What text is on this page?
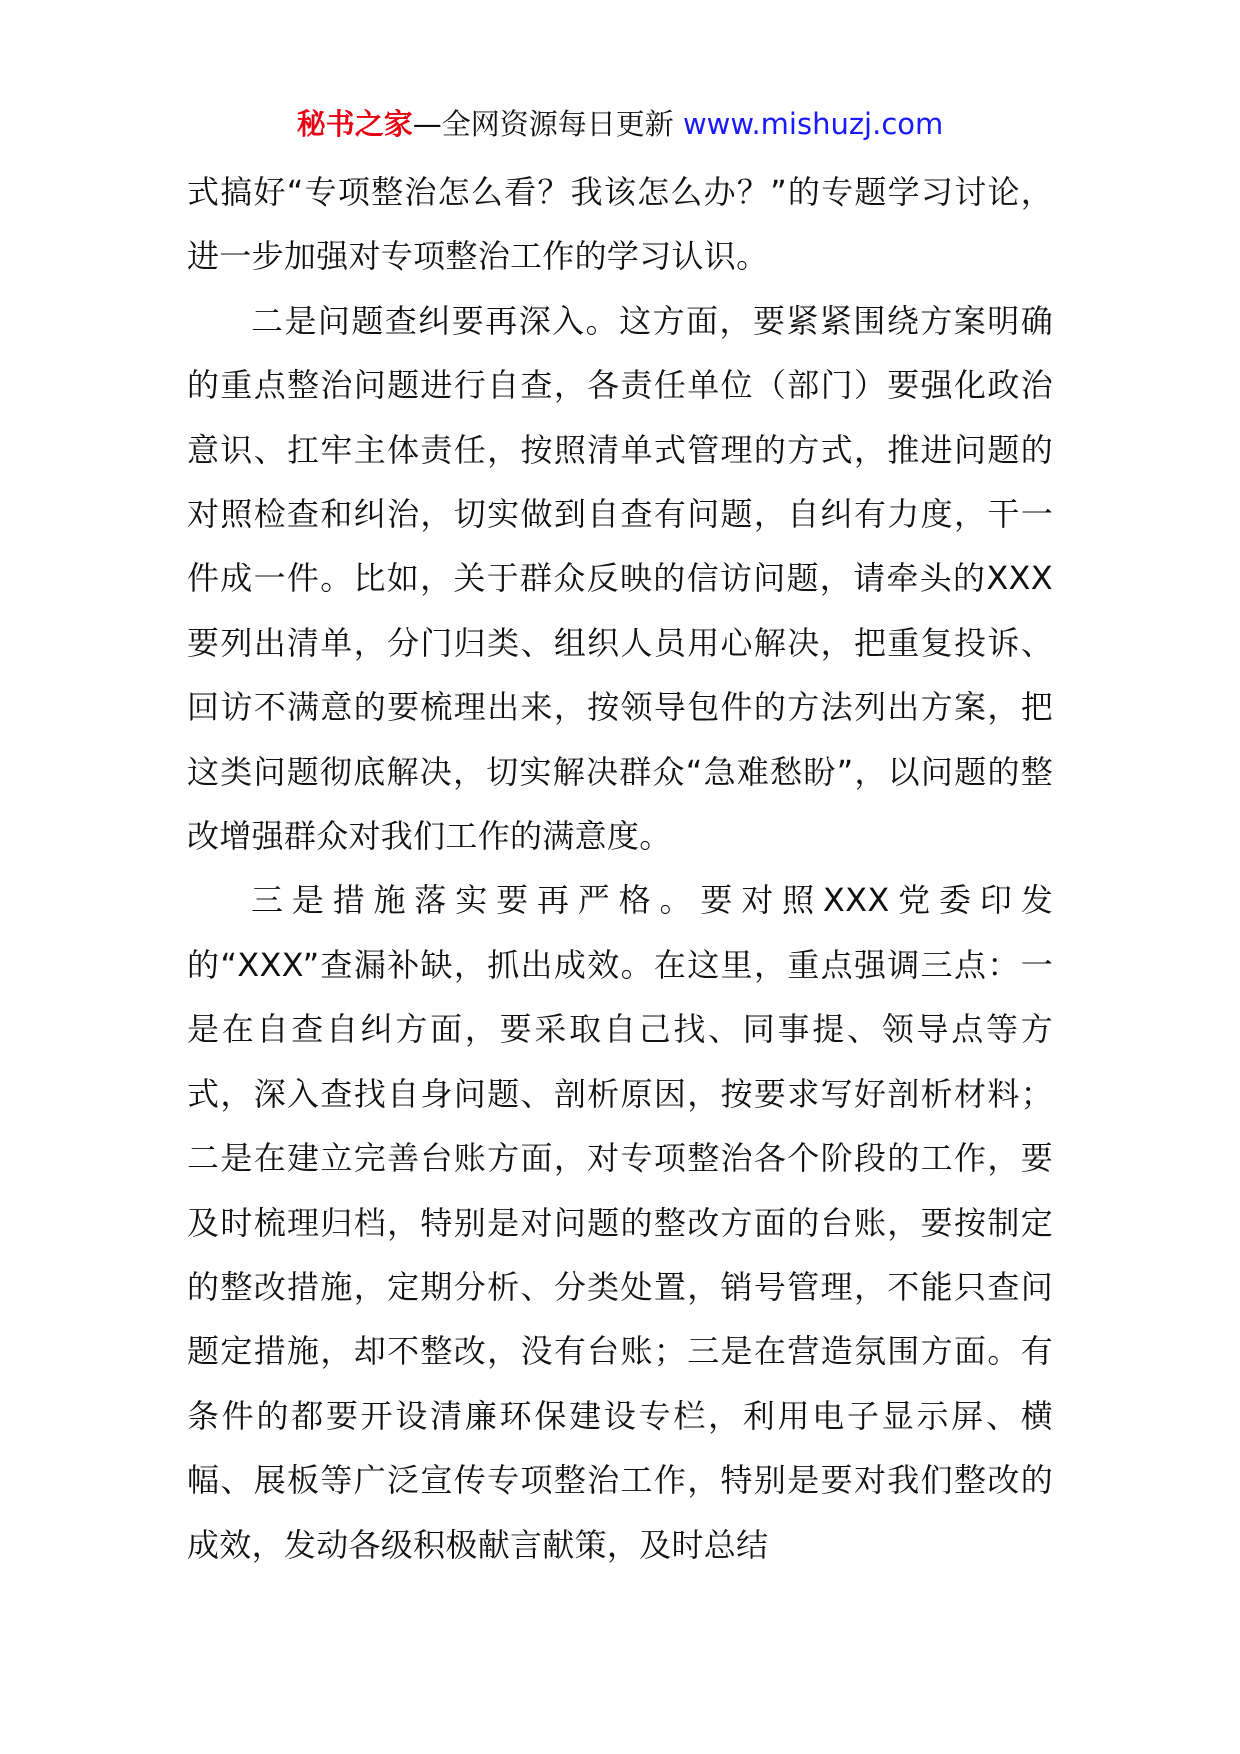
秘书之家—全网资源每日更新 www.mishuzj.com

式搞好“专项整治怎么看？我该怎么办？”的专题学习讨论，进一步加强对专项整治工作的学习认识。

二是问题查纠要再深入。这方面，要紧紧围绕方案明确的重点整治问题进行自查，各责任单位（部门）要强化政治意识、扛牢主体责任，按照清单式管理的方式，推进问题的对照检查和纠治，切实做到自查有问题，自纠有力度，干一件成一件。比如，关于群众反映的信访问题，请牵头的XXX要列出清单，分门归类、组织人员用心解决，把重复投诉、回访不满意的要梳理出来，按领导包件的方法列出方案，把这类问题彻底解决，切实解决群众“急难愁盼”，以问题的整改增强群众对我们工作的满意度。

三是措施落实要再严格。要对照XXX党委印发的“XXX”查漏补缺，抓出成效。在这里，重点强调三点：一是在自查自纠方面，要采取自己找、同事提、领导点等方式，深入查找自身问题、剖析原因，按要求写好剖析材料；二是在建立完善台账方面，对专项整治各个阶段的工作，要及时梳理归档，特别是对问题的整改方面的台账，要按制定的整改措施，定期分析、分类处置，销号管理，不能只查问题定措施，却不整改，没有台账；三是在营造氛围方面。有条件的都要开设清廉环保建设专栏，利用电子显示屏、横幅、展板等广泛宣传专项整治工作，特别是要对我们整改的成效，发动各级积极献言献策，及时总结
